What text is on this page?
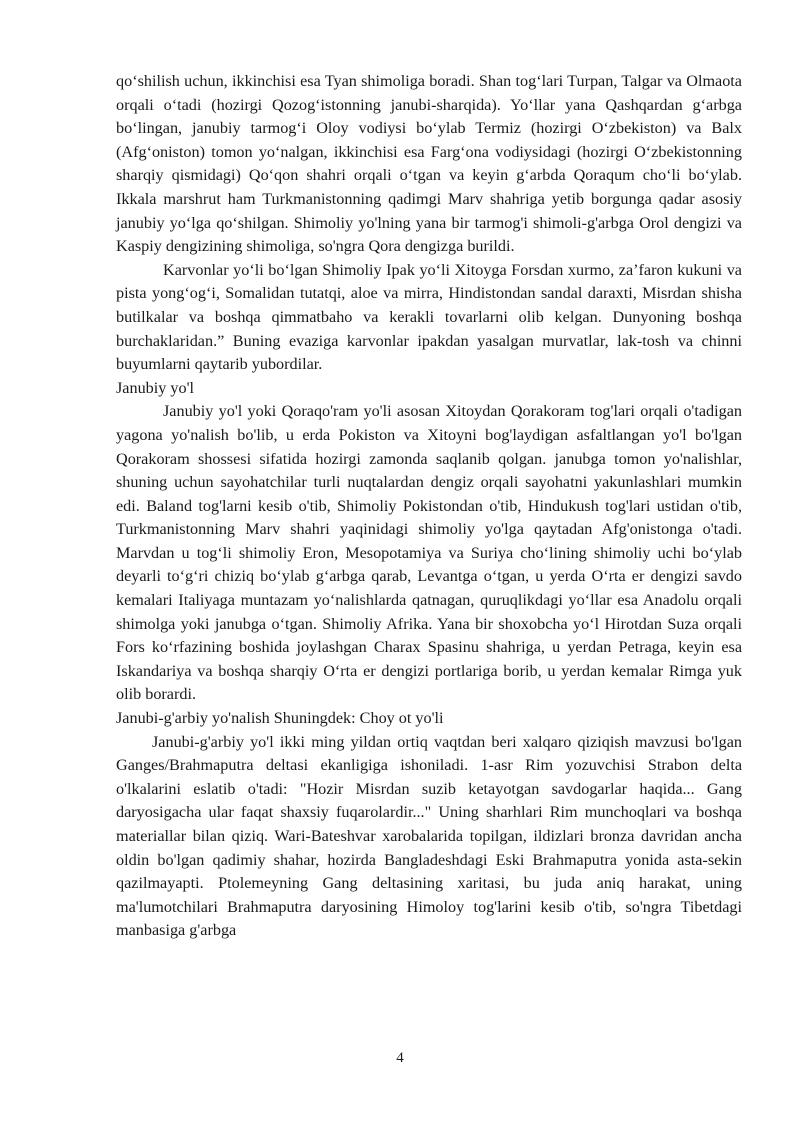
qo‘shilish uchun, ikkinchisi esa Tyan shimoliga boradi. Shan tog‘lari Turpan, Talgar va Olmaota orqali o‘tadi (hozirgi Qozog‘istonning janubi-sharqida). Yo‘llar yana Qashqardan g‘arbga bo‘lingan, janubiy tarmog‘i Oloy vodiysi bo‘ylab Termiz (hozirgi O‘zbekiston) va Balx (Afg‘oniston) tomon yo‘nalgan, ikkinchisi esa Farg‘ona vodiysidagi (hozirgi O‘zbekistonning sharqiy qismidagi) Qo‘qon shahri orqali o‘tgan va keyin g‘arbda Qoraqum cho‘li bo‘ylab. Ikkala marshrut ham Turkmanistonning qadimgi Marv shahriga yetib borgunga qadar asosiy janubiy yo‘lga qo‘shilgan. Shimoliy yo'lning yana bir tarmog'i shimoli-g'arbga Orol dengizi va Kaspiy dengizining shimoliga, so'ngra Qora dengizga burildi.

Karvonlar yo‘li bo‘lgan Shimoliy Ipak yo‘li Xitoyga Forsdan xurmo, za’faron kukuni va pista yong‘og‘i, Somalidan tutatqi, aloe va mirra, Hindistondan sandal daraxti, Misrdan shisha butilkalar va boshqa qimmatbaho va kerakli tovarlarni olib kelgan. Dunyoning boshqa burchaklaridan.” Buning evaziga karvonlar ipakdan yasalgan murvatlar, lak-tosh va chinni buyumlarni qaytarib yubordilar.

Janubiy yo'l

Janubiy yo'l yoki Qoraqo'ram yo'li asosan Xitoydan Qorakoram tog'lari orqali o'tadigan yagona yo'nalish bo'lib, u erda Pokiston va Xitoyni bog'laydigan asfaltlangan yo'l bo'lgan Qorakoram shossesi sifatida hozirgi zamonda saqlanib qolgan. janubga tomon yo'nalishlar, shuning uchun sayohatchilar turli nuqtalardan dengiz orqali sayohatni yakunlashlari mumkin edi. Baland tog'larni kesib o'tib, Shimoliy Pokistondan o'tib, Hindukush tog'lari ustidan o'tib, Turkmanistonning Marv shahri yaqinidagi shimoliy yo'lga qaytadan Afg'onistonga o'tadi. Marvdan u tog‘li shimoliy Eron, Mesopotamiya va Suriya cho‘lining shimoliy uchi bo‘ylab deyarli to‘g‘ri chiziq bo‘ylab g‘arbga qarab, Levantga o‘tgan, u yerda O‘rta er dengizi savdo kemalari Italiyaga muntazam yo‘nalishlarda qatnagan, quruqlikdagi yo‘llar esa Anadolu orqali shimolga yoki janubga o‘tgan. Shimoliy Afrika. Yana bir shoxobcha yo‘l Hirotdan Suza orqali Fors ko‘rfazining boshida joylashgan Charax Spasinu shahriga, u yerdan Petraga, keyin esa Iskandariya va boshqa sharqiy O‘rta er dengizi portlariga borib, u yerdan kemalar Rimga yuk olib borardi.

Janubi-g'arbiy yo'nalish Shuningdek: Choy ot yo'li

Janubi-g'arbiy yo'l ikki ming yildan ortiq vaqtdan beri xalqaro qiziqish mavzusi bo'lgan Ganges/Brahmaputra deltasi ekanligiga ishoniladi. 1-asr Rim yozuvchisi Strabon delta o'lkalarini eslatib o'tadi: "Hozir Misrdan suzib ketayotgan savdogarlar haqida... Gang daryosigacha ular faqat shaxsiy fuqarolardir..." Uning sharhlari Rim munchoqlari va boshqa materiallar bilan qiziq. Wari-Bateshvar xarobalarida topilgan, ildizlari bronza davridan ancha oldin bo'lgan qadimiy shahar, hozirda Bangladeshdagi Eski Brahmaputra yonida asta-sekin qazilmayapti. Ptolemeyning Gang deltasining xaritasi, bu juda aniq harakat, uning ma'lumotchilari Brahmaputra daryosining Himoloy tog'larini kesib o'tib, so'ngra Tibetdagi manbasiga g'arbga

4
